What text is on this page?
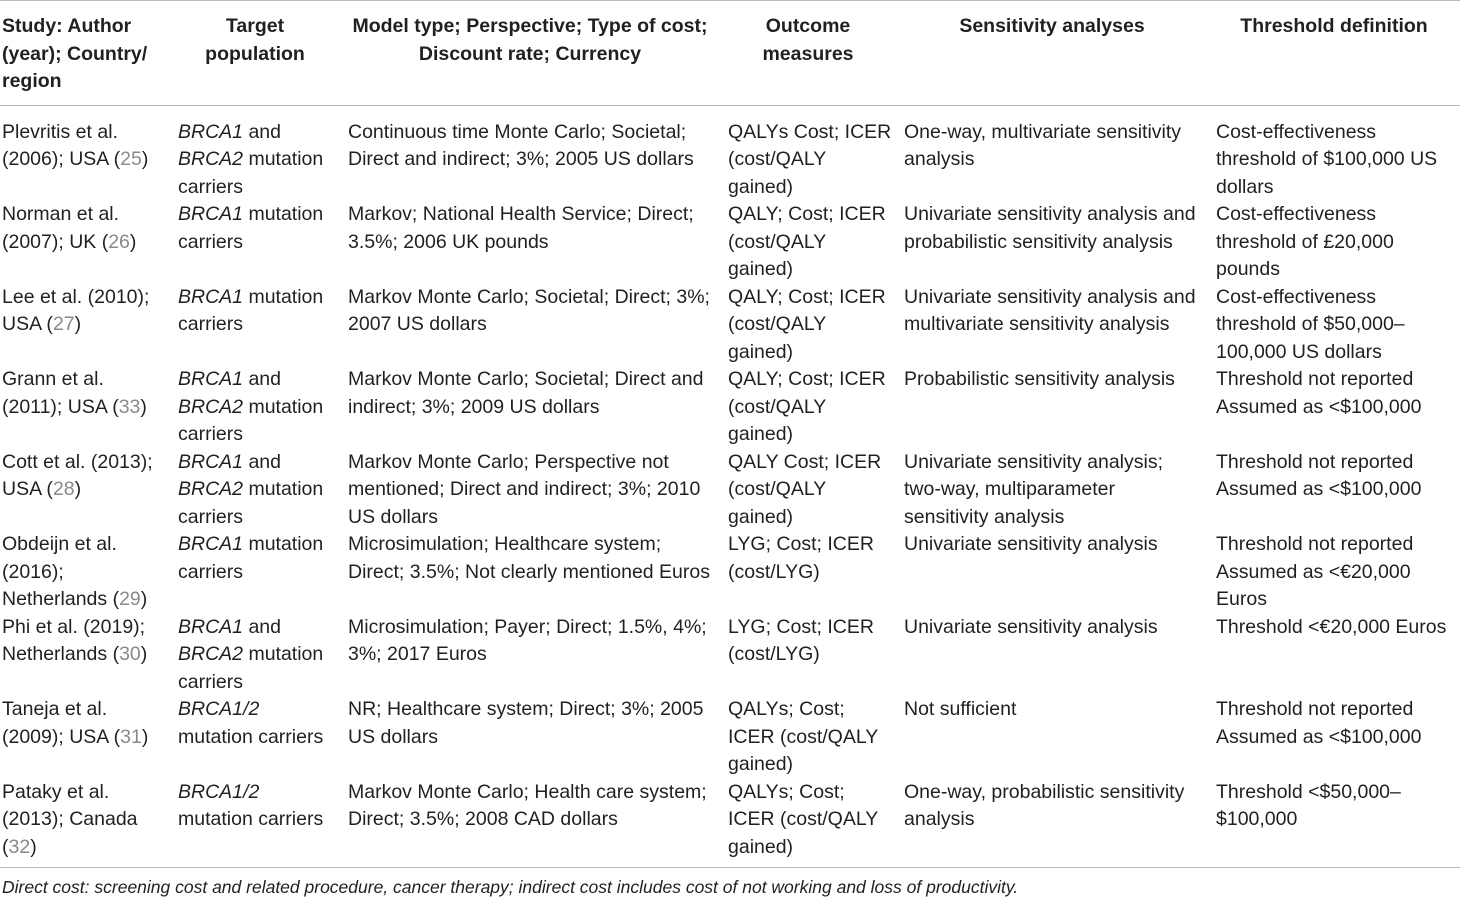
Study: Author (year); Country/ region	Target population	Model type; Perspective; Type of cost; Discount rate; Currency	Outcome measures	Sensitivity analyses	Threshold definition
Plevritis et al. (2006); USA (25)	BRCA1 and BRCA2 mutation carriers	Continuous time Monte Carlo; Societal; Direct and indirect; 3%; 2005 US dollars	QALYs Cost; ICER (cost/QALY gained)	One-way, multivariate sensitivity analysis	Cost-effectiveness threshold of $100,000 US dollars
Norman et al. (2007); UK (26)	BRCA1 mutation carriers	Markov; National Health Service; Direct; 3.5%; 2006 UK pounds	QALY; Cost; ICER (cost/QALY gained)	Univariate sensitivity analysis and probabilistic sensitivity analysis	Cost-effectiveness threshold of £20,000 pounds
Lee et al. (2010); USA (27)	BRCA1 mutation carriers	Markov Monte Carlo; Societal; Direct; 3%; 2007 US dollars	QALY; Cost; ICER (cost/QALY gained)	Univariate sensitivity analysis and multivariate sensitivity analysis	Cost-effectiveness threshold of $50,000–100,000 US dollars
Grann et al. (2011); USA (33)	BRCA1 and BRCA2 mutation carriers	Markov Monte Carlo; Societal; Direct and indirect; 3%; 2009 US dollars	QALY; Cost; ICER (cost/QALY gained)	Probabilistic sensitivity analysis	Threshold not reported Assumed as <$100,000
Cott et al. (2013); USA (28)	BRCA1 and BRCA2 mutation carriers	Markov Monte Carlo; Perspective not mentioned; Direct and indirect; 3%; 2010 US dollars	QALY Cost; ICER (cost/QALY gained)	Univariate sensitivity analysis; two-way, multiparameter sensitivity analysis	Threshold not reported Assumed as <$100,000
Obdeijn et al. (2016); Netherlands (29)	BRCA1 mutation carriers	Microsimulation; Healthcare system; Direct; 3.5%; Not clearly mentioned Euros	LYG; Cost; ICER (cost/LYG)	Univariate sensitivity analysis	Threshold not reported Assumed as <€20,000 Euros
Phi et al. (2019); Netherlands (30)	BRCA1 and BRCA2 mutation carriers	Microsimulation; Payer; Direct; 1.5%, 4%; 3%; 2017 Euros	LYG; Cost; ICER (cost/LYG)	Univariate sensitivity analysis	Threshold <€20,000 Euros
Taneja et al. (2009); USA (31)	BRCA1/2 mutation carriers	NR; Healthcare system; Direct; 3%; 2005 US dollars	QALYs; Cost; ICER (cost/QALY gained)	Not sufficient	Threshold not reported Assumed as <$100,000
Pataky et al. (2013); Canada (32)	BRCA1/2 mutation carriers	Markov Monte Carlo; Health care system; Direct; 3.5%; 2008 CAD dollars	QALYs; Cost; ICER (cost/QALY gained)	One-way, probabilistic sensitivity analysis	Threshold <$50,000–$100,000
Direct cost: screening cost and related procedure, cancer therapy; indirect cost includes cost of not working and loss of productivity.
